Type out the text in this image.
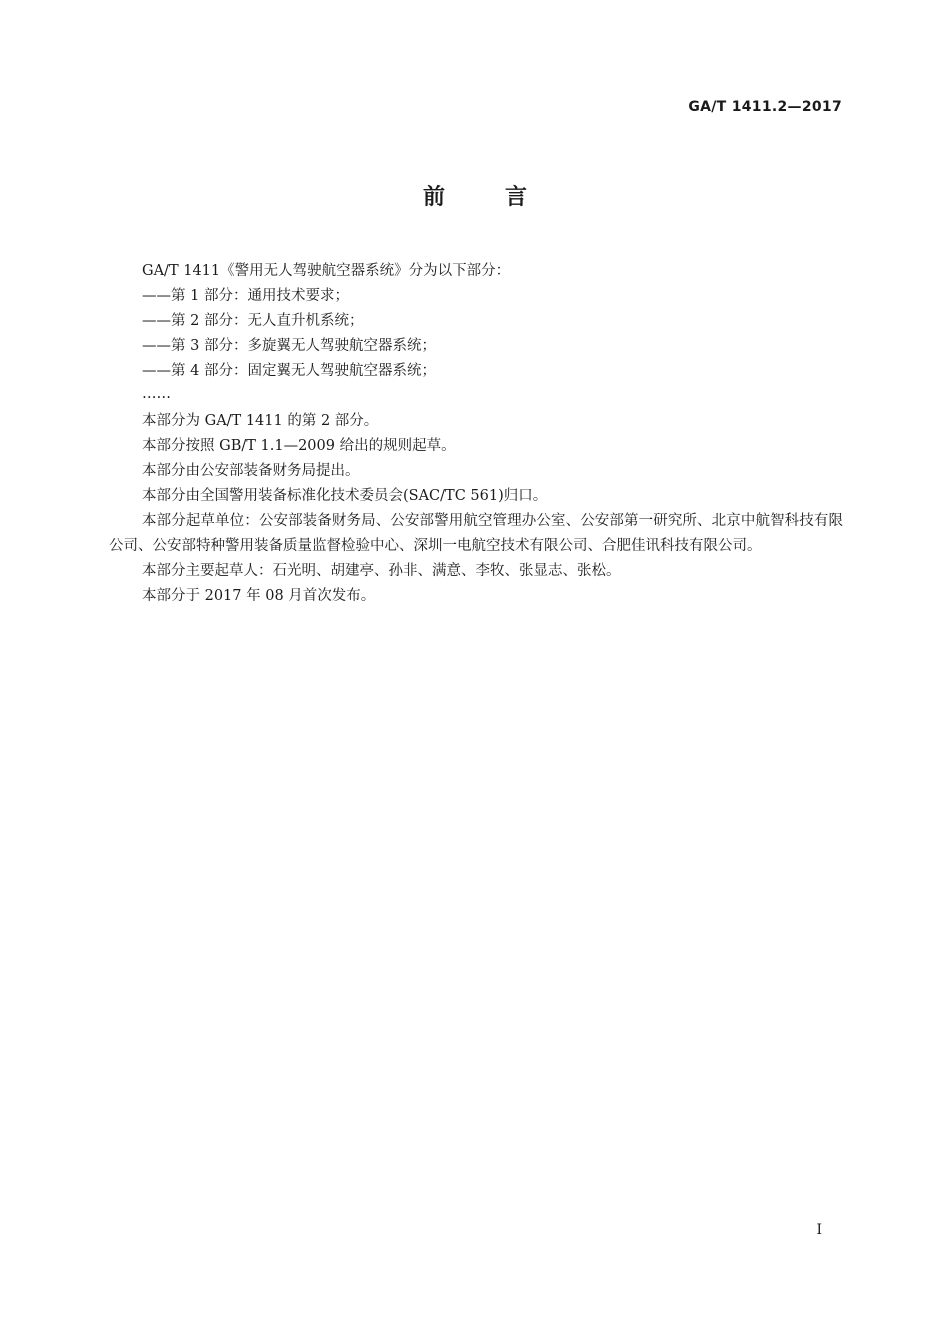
GA/T 1411.2—2017
前言

GA/T 1411《警用无人驾驶航空器系统》分为以下部分：

——第 1 部分：通用技术要求；

——第 2 部分：无人直升机系统；

——第 3 部分：多旋翼无人驾驶航空器系统；

——第 4 部分：固定翼无人驾驶航空器系统；

……

本部分为 GA/T 1411 的第 2 部分。

本部分按照 GB/T 1.1—2009 给出的规则起草。

本部分由公安部装备财务局提出。

本部分由全国警用装备标准化技术委员会(SAC/TC 561)归口。

本部分起草单位：公安部装备财务局、公安部警用航空管理办公室、公安部第一研究所、北京中航智科技有限公司、公安部特种警用装备质量监督检验中心、深圳一电航空技术有限公司、合肥佳讯科技有限公司。

本部分主要起草人：石光明、胡建亭、孙非、满意、李牧、张显志、张松。

本部分于 2017 年 08 月首次发布。

I
